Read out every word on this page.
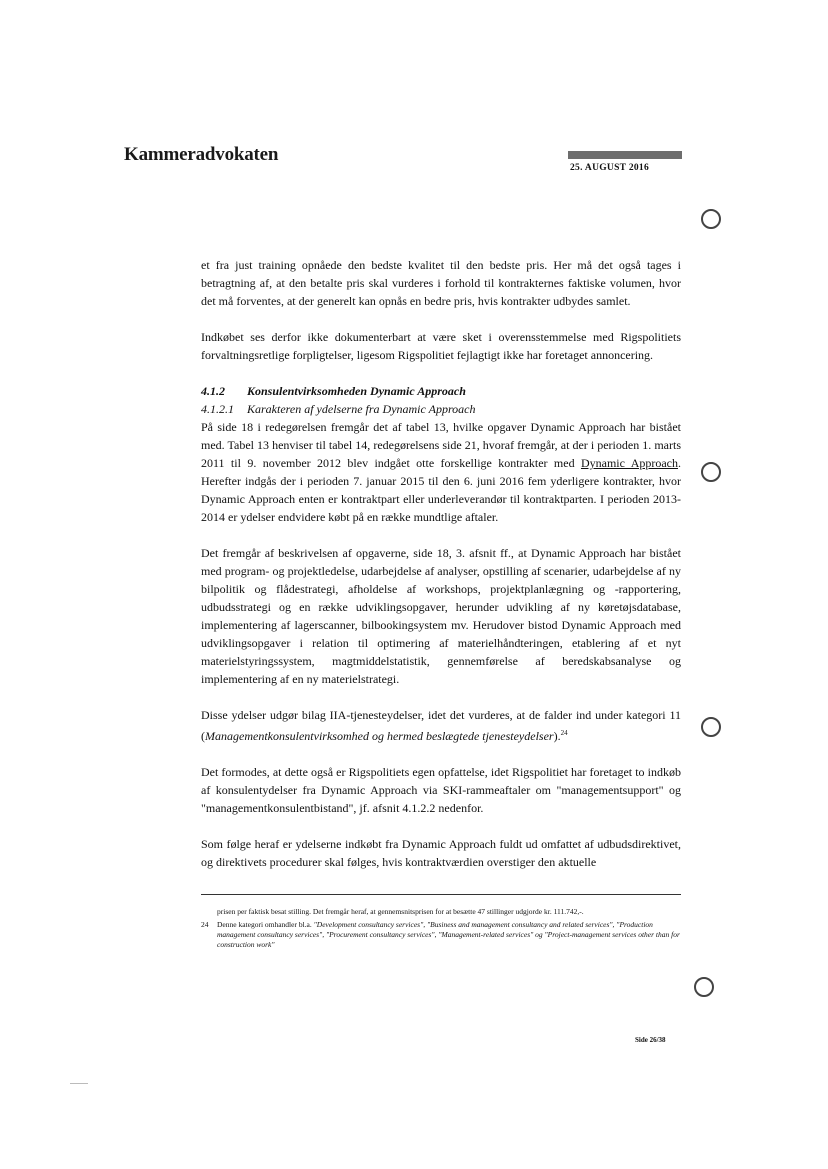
Kammeradvokaten
25. AUGUST 2016

et fra just training opnåede den bedste kvalitet til den bedste pris. Her må det også tages i betragtning af, at den betalte pris skal vurderes i forhold til kontrakternes faktiske volumen, hvor det må forventes, at der generelt kan opnås en bedre pris, hvis kontrakter udbydes samlet.

Indkøbet ses derfor ikke dokumenterbart at være sket i overensstemmelse med Rigspolitiets forvaltningsretlige forpligtelser, ligesom Rigspolitiet fejlagtigt ikke har foretaget annoncering.

4.1.2 Konsulentvirksomheden Dynamic Approach
4.1.2.1 Karakteren af ydelserne fra Dynamic Approach

På side 18 i redegørelsen fremgår det af tabel 13, hvilke opgaver Dynamic Approach har bistået med. Tabel 13 henviser til tabel 14, redegørelsens side 21, hvoraf fremgår, at der i perioden 1. marts 2011 til 9. november 2012 blev indgået otte forskellige kontrakter med Dynamic Approach. Herefter indgås der i perioden 7. januar 2015 til den 6. juni 2016 fem yderligere kontrakter, hvor Dynamic Approach enten er kontraktpart eller underleverandør til kontraktparten. I perioden 2013-2014 er ydelser endvidere købt på en række mundtlige aftaler.

Det fremgår af beskrivelsen af opgaverne, side 18, 3. afsnit ff., at Dynamic Approach har bistået med program- og projektledelse, udarbejdelse af analyser, opstilling af scenarier, udarbejdelse af ny bilpolitik og flådestrategi, afholdelse af workshops, projektplanlægning og -rapportering, udbudsstrategi og en række udviklingsopgaver, herunder udvikling af ny køretøjsdatabase, implementering af lagerscanner, bilbookingsystem mv. Herudover bistod Dynamic Approach med udviklingsopgaver i relation til optimering af materielhåndteringen, etablering af et nyt materielstyringssystem, magtmiddelstatistik, gennemførelse af beredskabsanalyse og implementering af en ny materielstrategi.

Disse ydelser udgør bilag IIA-tjenesteydelser, idet det vurderes, at de falder ind under kategori 11 (Managementkonsulentvirksomhed og hermed beslægtede tjenesteydelser).$^{24}$

Det formodes, at dette også er Rigspolitiets egen opfattelse, idet Rigspolitiet har foretaget to indkøb af konsulentydelser fra Dynamic Approach via SKI-rammeaftaler om "managementsupport" og "managementkonsulentbistand", jf. afsnit 4.1.2.2 nedenfor.

Som følge heraf er ydelserne indkøbt fra Dynamic Approach fuldt ud omfattet af udbudsdirektivet, og direktivets procedurer skal følges, hvis kontraktværdien overstiger den aktuelle

prisen per faktisk besat stilling. Det fremgår heraf, at gennemsnitsprisen for at besætte 47 stillinger udgjorde kr. 111.742,-.

24 Denne kategori omhandler bl.a. "Development consultancy services", "Business and management consultancy and related services", "Production management consultancy services", "Procurement consultancy services", "Management-related services" og "Project-management services other than for construction work"

Side 26/38
